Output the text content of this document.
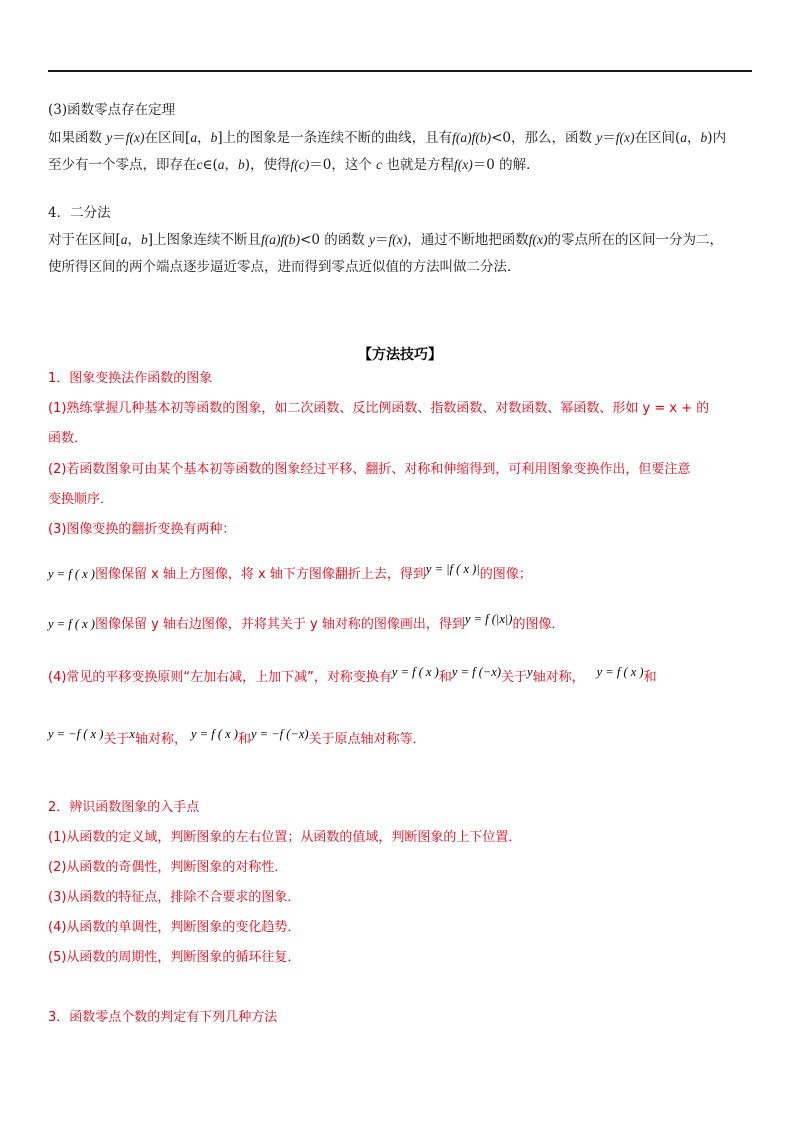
(3)函数零点存在定理
如果函数 y＝f(x)在区间[a，b]上的图象是一条连续不断的曲线，且有f(a)f(b)<0，那么，函数 y＝f(x)在区间(a，b)内
至少有一个零点，即存在c∈(a，b)，使得f(c)＝0，这个 c 也就是方程f(x)＝0 的解．
4．二分法
对于在区间[a，b]上图象连续不断且f(a)f(b)<0 的函数 y＝f(x)，通过不断地把函数f(x)的零点所在的区间一分为二，
使所得区间的两个端点逐步逼近零点，进而得到零点近似值的方法叫做二分法．
【方法技巧】
1．图象变换法作函数的图象
(1)熟练掌握几种基本初等函数的图象，如二次函数、反比例函数、指数函数、对数函数、幂函数、形如 y = x + 的
函数．
(2)若函数图象可由某个基本初等函数的图象经过平移、翻折、对称和伸缩得到，可利用图象变换作出，但要注意
变换顺序．
(3)图像变换的翻折变换有两种：
y = f ( x )图像保留 x 轴上方图像，将 x 轴下方图像翻折上去，得到y = |f ( x )|的图像；
y = f ( x )图像保留 y 轴右边图像，并将其关于 y 轴对称的图像画出，得到y = f (|x|)的图像．
(4)常见的平移变换原则“左加右减，上加下减”，对称变换有y = f ( x )和y = f (−x)关于y轴对称， y = f ( x )和
y = −f ( x )关于x轴对称， y = f ( x )和y = −f (−x)关于原点轴对称等．
2．辨识函数图象的入手点
(1)从函数的定义域，判断图象的左右位置；从函数的值域，判断图象的上下位置．
(2)从函数的奇偶性，判断图象的对称性．
(3)从函数的特征点，排除不合要求的图象．
(4)从函数的单调性，判断图象的变化趋势．
(5)从函数的周期性，判断图象的循环往复．
3．函数零点个数的判定有下列几种方法
